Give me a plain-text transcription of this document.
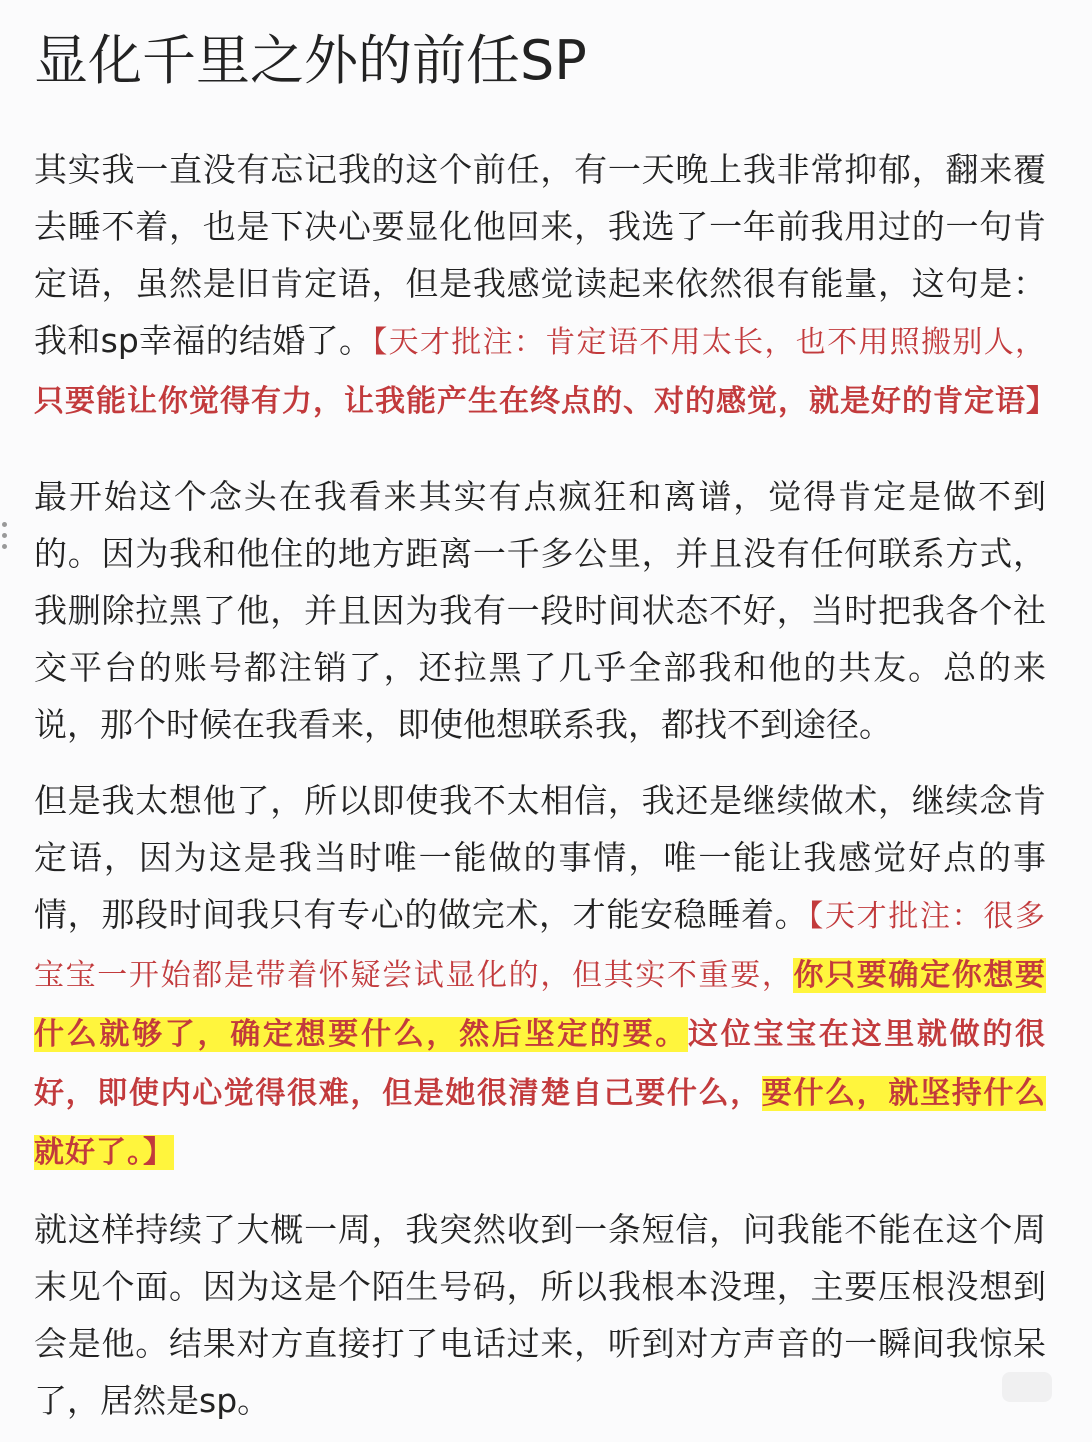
显化千里之外的前任SP

其实我一直没有忘记我的这个前任，有一天晚上我非常抑郁，翻来覆去睡不着，也是下决心要显化他回来，我选了一年前我用过的一句肯定语，虽然是旧肯定语，但是我感觉读起来依然很有能量，这句是：我和sp幸福的结婚了。【天才批注：肯定语不用太长，也不用照搬别人，只要能让你觉得有力，让我能产生在终点的、对的感觉，就是好的肯定语】

最开始这个念头在我看来其实有点疯狂和离谱，觉得肯定是做不到的。因为我和他住的地方距离一千多公里，并且没有任何联系方式，我删除拉黑了他，并且因为我有一段时间状态不好，当时把我各个社交平台的账号都注销了，还拉黑了几乎全部我和他的共友。总的来说，那个时候在我看来，即使他想联系我，都找不到途径。

但是我太想他了，所以即使我不太相信，我还是继续做术，继续念肯定语，因为这是我当时唯一能做的事情，唯一能让我感觉好点的事情，那段时间我只有专心的做完术，才能安稳睡着。【天才批注：很多宝宝一开始都是带着怀疑尝试显化的，但其实不重要，你只要确定你想要什么就够了，确定想要什么，然后坚定的要。这位宝宝在这里就做的很好，即使内心觉得很难，但是她很清楚自己要什么，要什么，就坚持什么就好了。】

就这样持续了大概一周，我突然收到一条短信，问我能不能在这个周末见个面。因为这是个陌生号码，所以我根本没理，主要压根没想到会是他。结果对方直接打了电话过来，听到对方声音的一瞬间我惊呆了，居然是sp。
